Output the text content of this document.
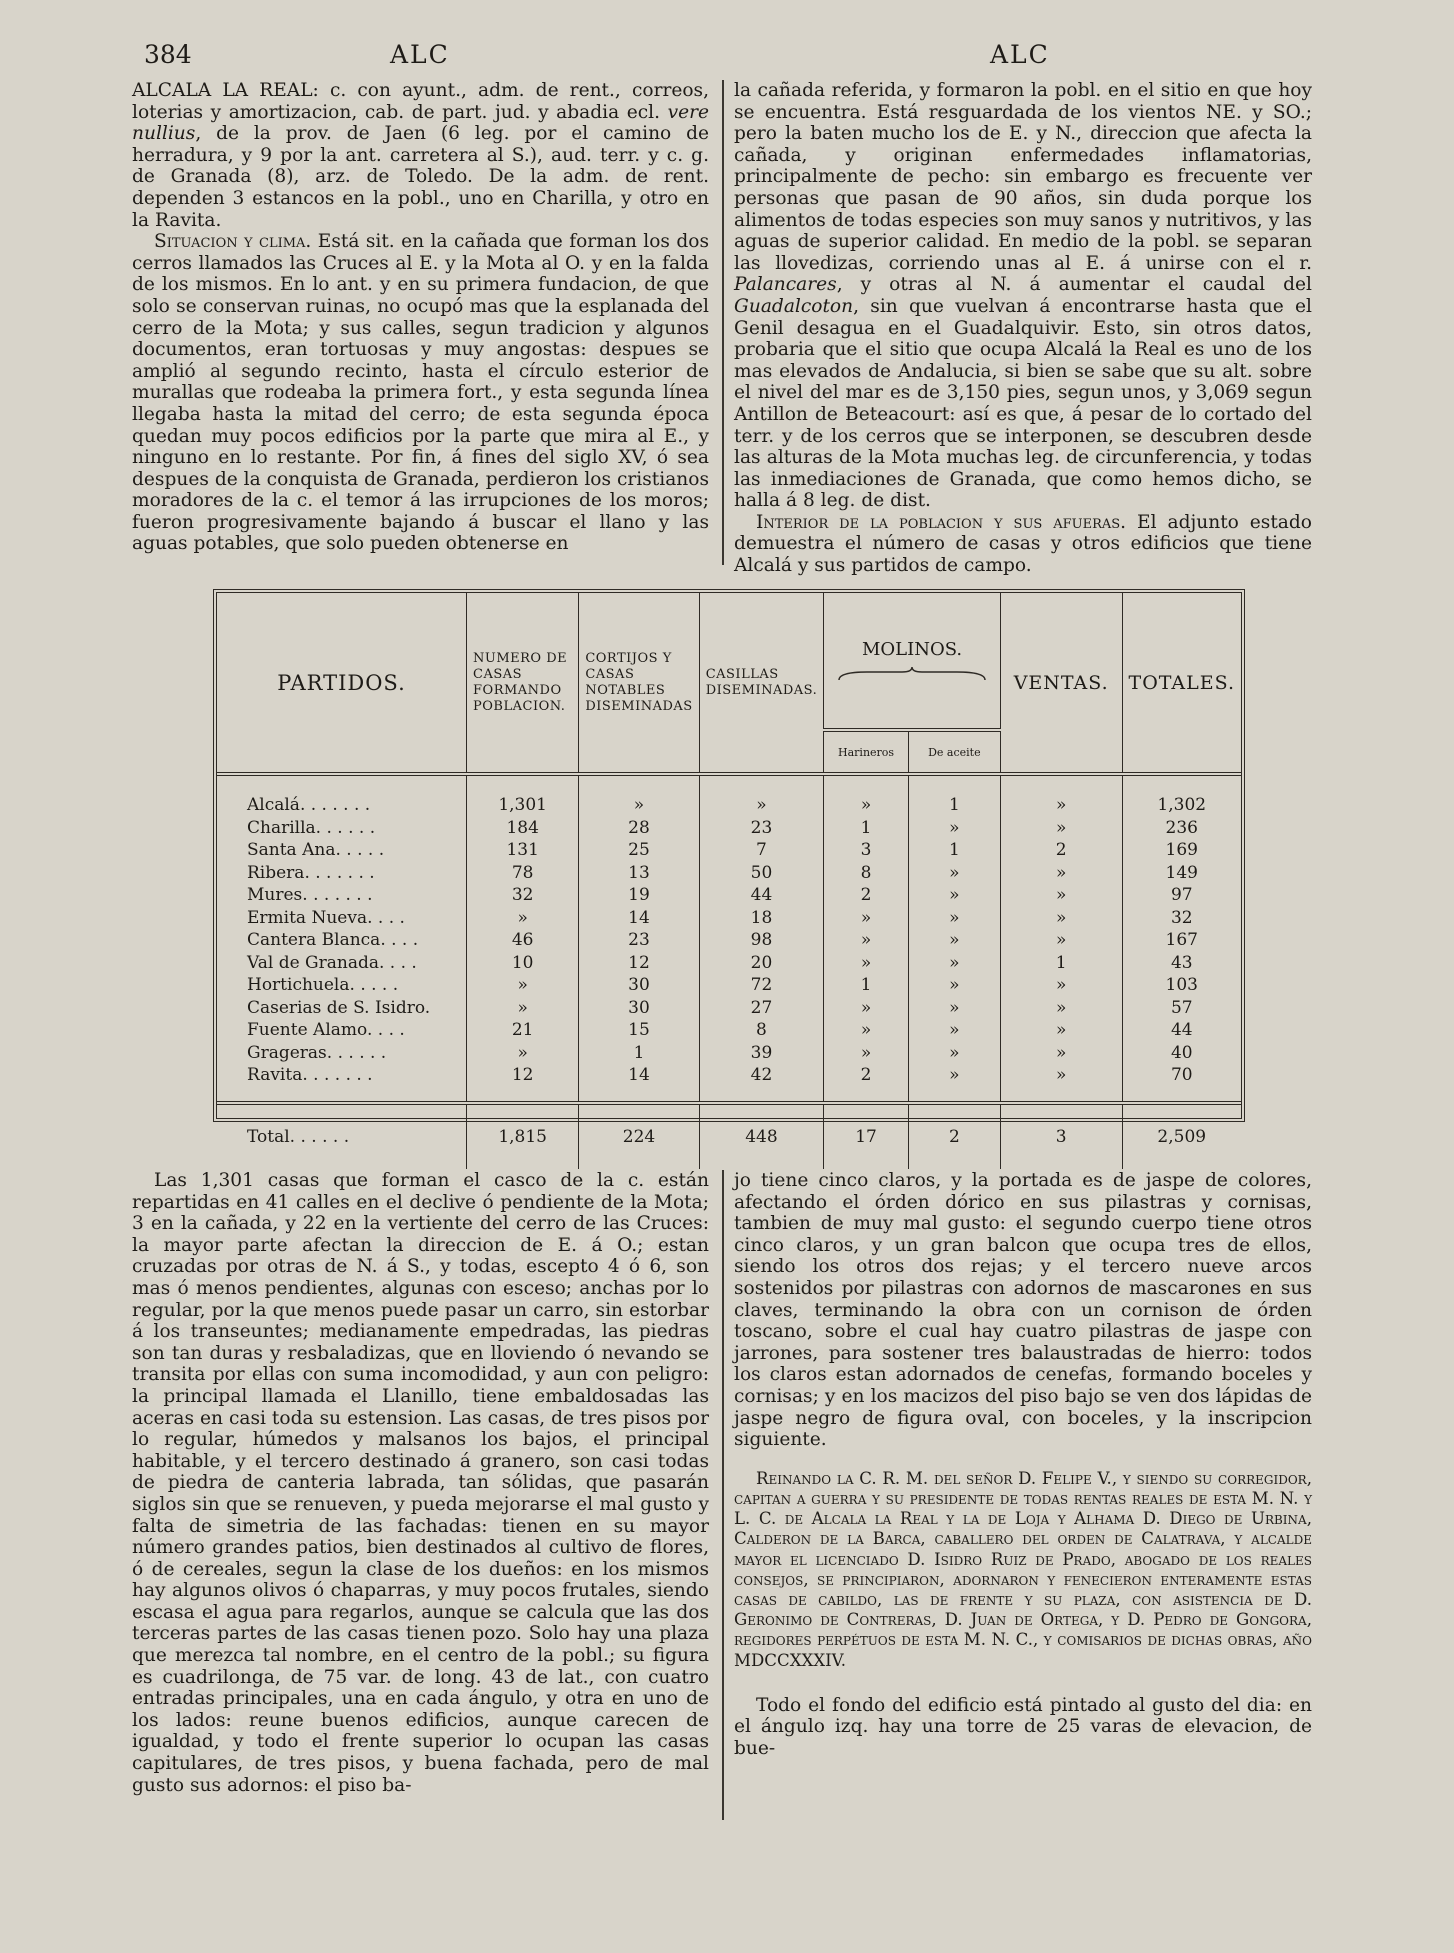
384	ALC	ALC

ALCALA LA REAL: c. con ayunt., adm. de rent., correos, loterias y amortizacion, cab. de part. jud. y abadia ecl. vere nullius, de la prov. de Jaen (6 leg. por el camino de herradura, y 9 por la ant. carretera al S.), aud. terr. y c. g. de Granada (8), arz. de Toledo. De la adm. de rent. dependen 3 estancos en la pobl., uno en Charilla, y otro en la Ravita.

Situacion y clima. Está sit. en la cañada que forman los dos cerros llamados las Cruces al E. y la Mota al O. y en la falda de los mismos. En lo ant. y en su primera fundacion, de que solo se conservan ruinas, no ocupó mas que la esplanada del cerro de la Mota; y sus calles, segun tradicion y algunos documentos, eran tortuosas y muy angostas: despues se amplió al segundo recinto, hasta el círculo esterior de murallas que rodeaba la primera fort., y esta segunda línea llegaba hasta la mitad del cerro; de esta segunda época quedan muy pocos edificios por la parte que mira al E., y ninguno en lo restante. Por fin, á fines del siglo XV, ó sea despues de la conquista de Granada, perdieron los cristianos moradores de la c. el temor á las irrupciones de los moros; fueron progresivamente bajando á buscar el llano y las aguas potables, que solo pueden obtenerse en

la cañada referida, y formaron la pobl. en el sitio en que hoy se encuentra. Está resguardada de los vientos NE. y SO.; pero la baten mucho los de E. y N., direccion que afecta la cañada, y originan enfermedades inflamatorias, principalmente de pecho: sin embargo es frecuente ver personas que pasan de 90 años, sin duda porque los alimentos de todas especies son muy sanos y nutritivos, y las aguas de superior calidad. En medio de la pobl. se separan las llovedizas, corriendo unas al E. á unirse con el r. Palancares, y otras al N. á aumentar el caudal del Guadalcoton, sin que vuelvan á encontrarse hasta que el Genil desagua en el Guadalquivir. Esto, sin otros datos, probaria que el sitio que ocupa Alcalá la Real es uno de los mas elevados de Andalucia, si bien se sabe que su alt. sobre el nivel del mar es de 3,150 pies, segun unos, y 3,069 segun Antillon de Beteacourt: así es que, á pesar de lo cortado del terr. y de los cerros que se interponen, se descubren desde las alturas de la Mota muchas leg. de circunferencia, y todas las inmediaciones de Granada, que como hemos dicho, se halla á 8 leg. de dist.

Interior de la poblacion y sus afueras. El adjunto estado demuestra el número de casas y otros edificios que tiene Alcalá y sus partidos de campo.

PARTIDOS.	NUMERO DE CASAS FORMANDO POBLACION.	CORTIJOS Y CASAS NOTABLES DISEMINADAS	CASILLAS DISEMINADAS.	MOLINOS.		VENTAS.	TOTALES.
				Harineros	De aceite		

Alcalá. . . . . . .	1,301	»	»	»	1	»	1,302
Charilla. . . . . .	184	28	23	1	»	»	236
Santa Ana. . . . .	131	25	7	3	1	2	169
Ribera. . . . . . .	78	13	50	8	»	»	149
Mures. . . . . . .	32	19	44	2	»	»	97
Ermita Nueva. . . .	»	14	18	»	»	»	32
Cantera Blanca. . . .	46	23	98	»	»	»	167
Val de Granada. . . .	10	12	20	»	»	1	43
Hortichuela. . . . .	»	30	72	1	»	»	103
Caserias de S. Isidro.	»	30	27	»	»	»	57
Fuente Alamo. . . .	21	15	8	»	»	»	44
Grageras. . . . . .	»	1	39	»	»	»	40
Ravita. . . . . . .	12	14	42	2	»	»	70

Total. . . . . .	1,815	224	448	17	2	3	2,509

Las 1,301 casas que forman el casco de la c. están repartidas en 41 calles en el declive ó pendiente de la Mota; 3 en la cañada, y 22 en la vertiente del cerro de las Cruces: la mayor parte afectan la direccion de E. á O.; estan cruzadas por otras de N. á S., y todas, escepto 4 ó 6, son mas ó menos pendientes, algunas con esceso; anchas por lo regular, por la que menos puede pasar un carro, sin estorbar á los transeuntes; medianamente empedradas, las piedras son tan duras y resbaladizas, que en lloviendo ó nevando se transita por ellas con suma incomodidad, y aun con peligro: la principal llamada el Llanillo, tiene embaldosadas las aceras en casi toda su estension. Las casas, de tres pisos por lo regular, húmedos y malsanos los bajos, el principal habitable, y el tercero destinado á granero, son casi todas de piedra de canteria labrada, tan sólidas, que pasarán siglos sin que se renueven, y pueda mejorarse el mal gusto y falta de simetria de las fachadas: tienen en su mayor número grandes patios, bien destinados al cultivo de flores, ó de cereales, segun la clase de los dueños: en los mismos hay algunos olivos ó chaparras, y muy pocos frutales, siendo escasa el agua para regarlos, aunque se calcula que las dos terceras partes de las casas tienen pozo. Solo hay una plaza que merezca tal nombre, en el centro de la pobl.; su figura es cuadrilonga, de 75 var. de long. 43 de lat., con cuatro entradas principales, una en cada ángulo, y otra en uno de los lados: reune buenos edificios, aunque carecen de igualdad, y todo el frente superior lo ocupan las casas capitulares, de tres pisos, y buena fachada, pero de mal gusto sus adornos: el piso ba-

jo tiene cinco claros, y la portada es de jaspe de colores, afectando el órden dórico en sus pilastras y cornisas, tambien de muy mal gusto: el segundo cuerpo tiene otros cinco claros, y un gran balcon que ocupa tres de ellos, siendo los otros dos rejas; y el tercero nueve arcos sostenidos por pilastras con adornos de mascarones en sus claves, terminando la obra con un cornison de órden toscano, sobre el cual hay cuatro pilastras de jaspe con jarrones, para sostener tres balaustradas de hierro: todos los claros estan adornados de cenefas, formando boceles y cornisas; y en los macizos del piso bajo se ven dos lápidas de jaspe negro de figura oval, con boceles, y la inscripcion siguiente.

Reinando la C. R. M. del señor D. Felipe V., y siendo su corregidor, capitan a guerra y su presidente de todas rentas reales de esta M. N. y L. C. de Alcala la Real y la de Loja y Alhama D. Diego de Urbina, Calderon de la Barca, caballero del orden de Calatrava, y alcalde mayor el licenciado D. Isidro Ruiz de Prado, abogado de los reales consejos, se principiaron, adornaron y fenecieron enteramente estas casas de cabildo, las de frente y su plaza, con asistencia de D. Geronimo de Contreras, D. Juan de Ortega, y D. Pedro de Gongora, regidores perpétuos de esta M. N. C., y comisarios de dichas obras, año MDCCXXXIV.

Todo el fondo del edificio está pintado al gusto del dia: en el ángulo izq. hay una torre de 25 varas de elevacion, de bue-
